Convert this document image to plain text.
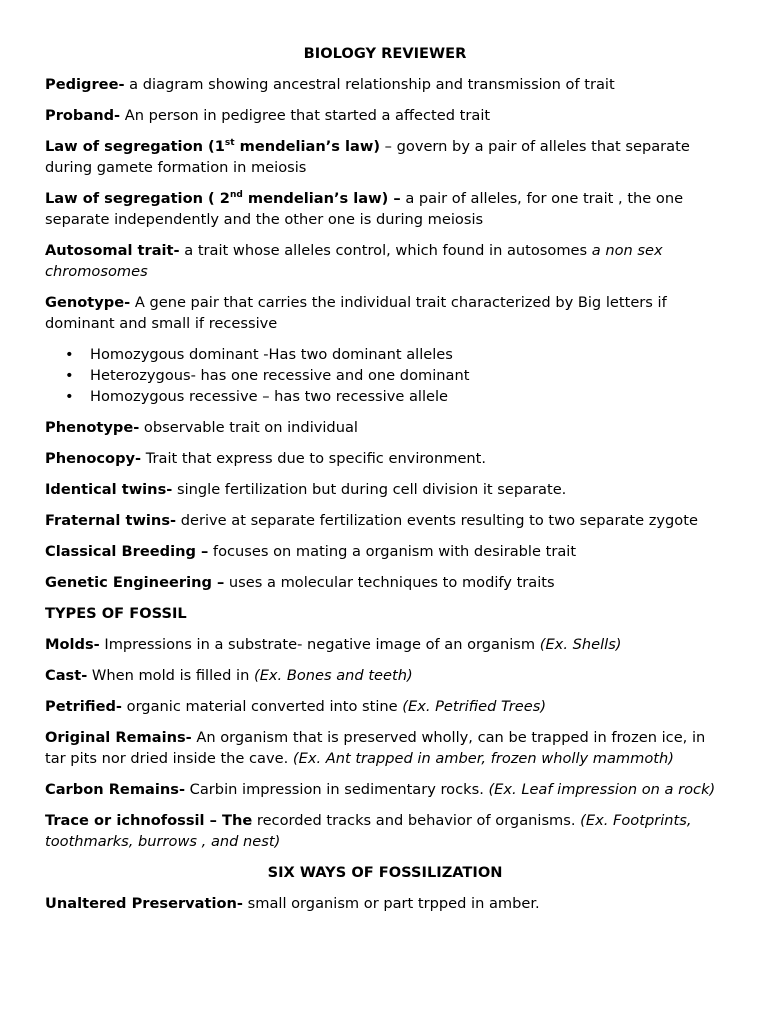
BIOLOGY REVIEWER

Pedigree- a diagram showing ancestral relationship and transmission of trait

Proband- An person in pedigree that started a affected trait

Law of segregation (1st mendelian’s law) – govern by a pair of alleles that separate during gamete formation in meiosis

Law of segregation ( 2nd mendelian’s law) – a pair of alleles, for one trait , the one separate independently and the other one is during meiosis

Autosomal trait- a trait whose alleles control, which found in autosomes a non sex chromosomes

Genotype- A gene pair that carries the individual trait characterized by Big letters if dominant and small if recessive

• Homozygous dominant -Has two dominant alleles
• Heterozygous- has one recessive and one dominant
• Homozygous recessive – has two recessive allele

Phenotype- observable trait on individual

Phenocopy- Trait that express due to specific environment.

Identical twins- single fertilization but during cell division it separate.

Fraternal twins- derive at separate fertilization events resulting to two separate zygote

Classical Breeding – focuses on mating a organism with desirable trait

Genetic Engineering – uses a molecular techniques to modify traits

TYPES OF FOSSIL

Molds- Impressions in a substrate- negative image of an organism (Ex. Shells)

Cast- When mold is filled in (Ex. Bones and teeth)

Petrified- organic material converted into stine (Ex. Petrified Trees)

Original Remains- An organism that is preserved wholly, can be trapped in frozen ice, in tar pits nor dried inside the cave. (Ex. Ant trapped in amber, frozen wholly mammoth)

Carbon Remains- Carbin impression in sedimentary rocks. (Ex. Leaf impression on a rock)

Trace or ichnofossil – The recorded tracks and behavior of organisms. (Ex. Footprints, toothmarks, burrows , and nest)

SIX WAYS OF FOSSILIZATION

Unaltered Preservation- small organism or part trpped in amber.
